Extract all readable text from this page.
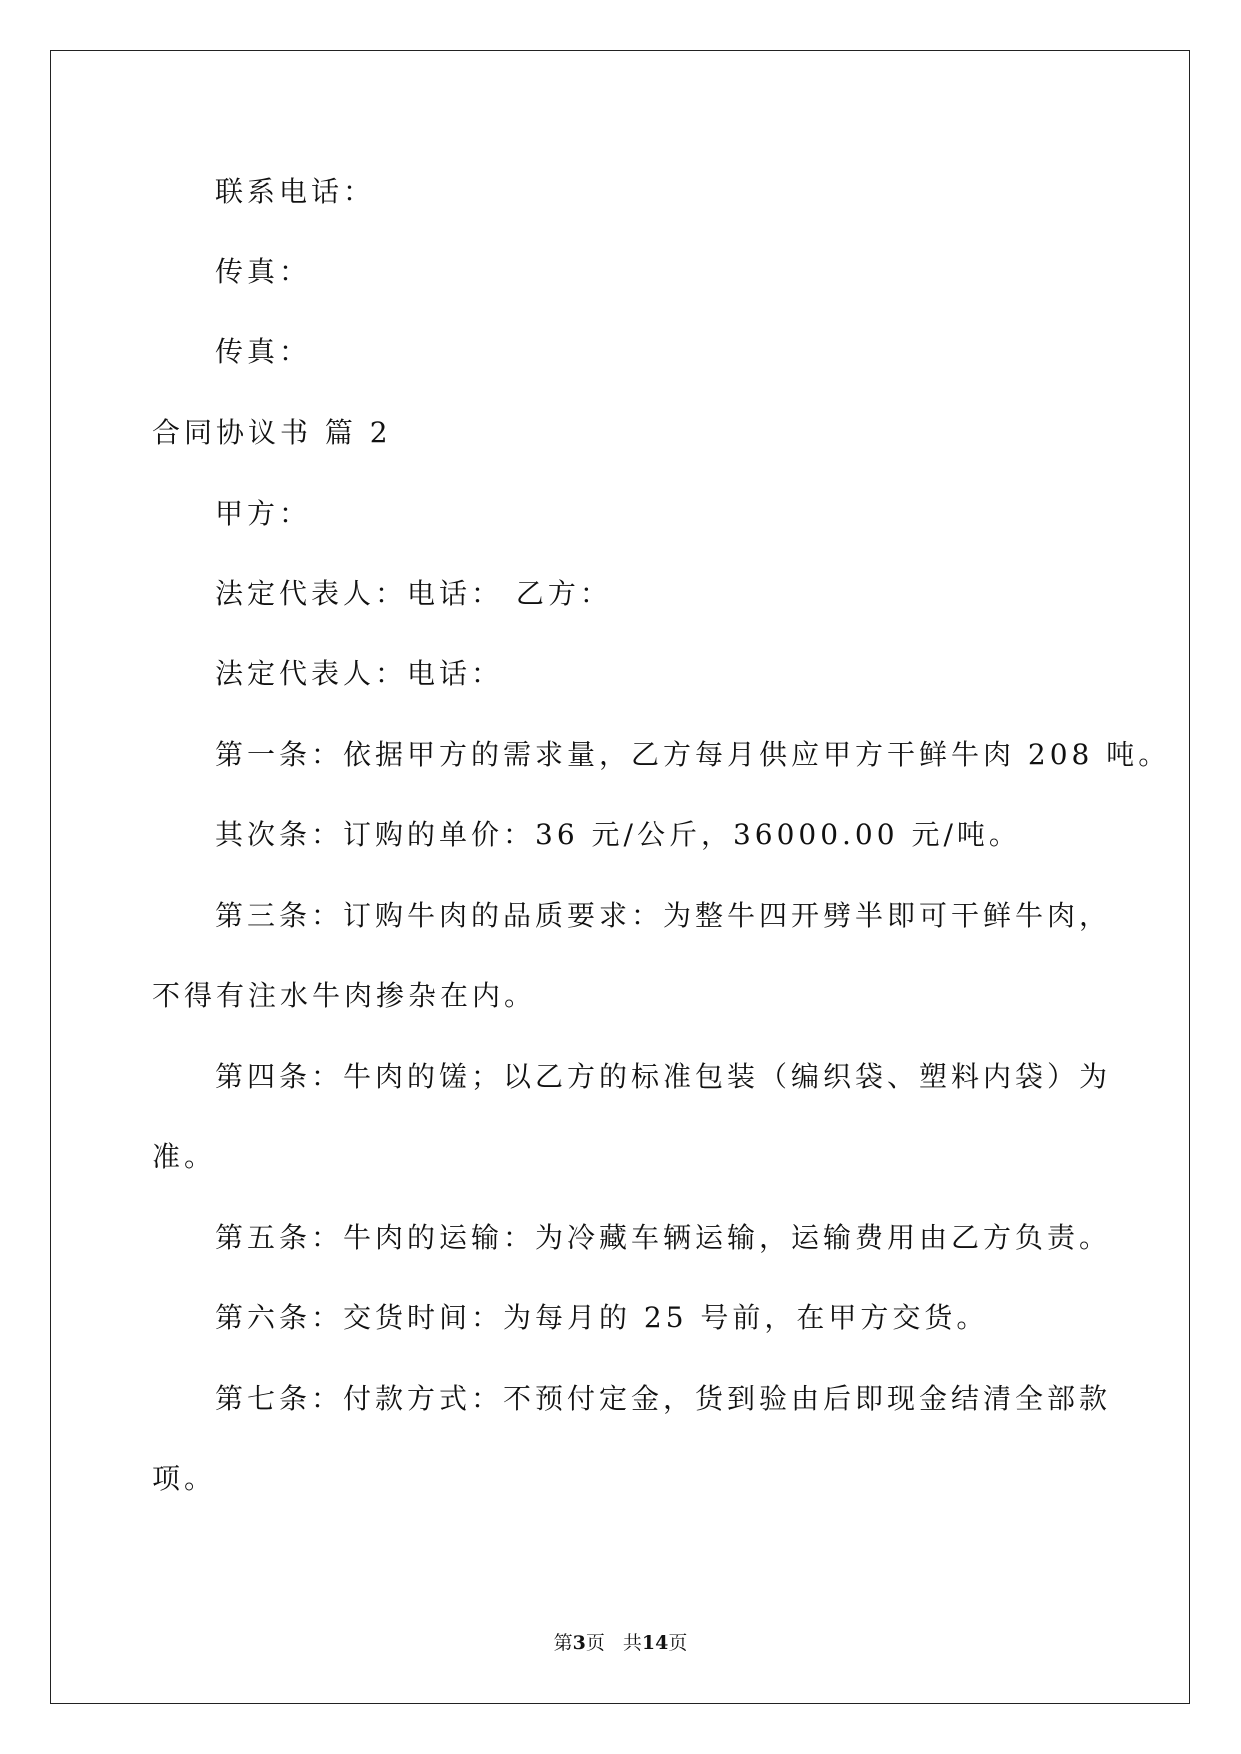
联系电话：
传真：
传真：
合同协议书 篇 2
甲方：
法定代表人：电话： 乙方：
法定代表人：电话：
第一条：依据甲方的需求量，乙方每月供应甲方干鲜牛肉 208 吨。
其次条：订购的单价：36 元/公斤，36000.00 元/吨。
第三条：订购牛肉的品质要求：为整牛四开劈半即可干鲜牛肉，
不得有注水牛肉掺杂在内。
第四条：牛肉的馐；以乙方的标准包装（编织袋、塑料内袋）为
准。
第五条：牛肉的运输：为冷藏车辆运输，运输费用由乙方负责。
第六条：交货时间：为每月的 25 号前，在甲方交货。
第七条：付款方式：不预付定金，货到验由后即现金结清全部款
项。
第3页 共14页
